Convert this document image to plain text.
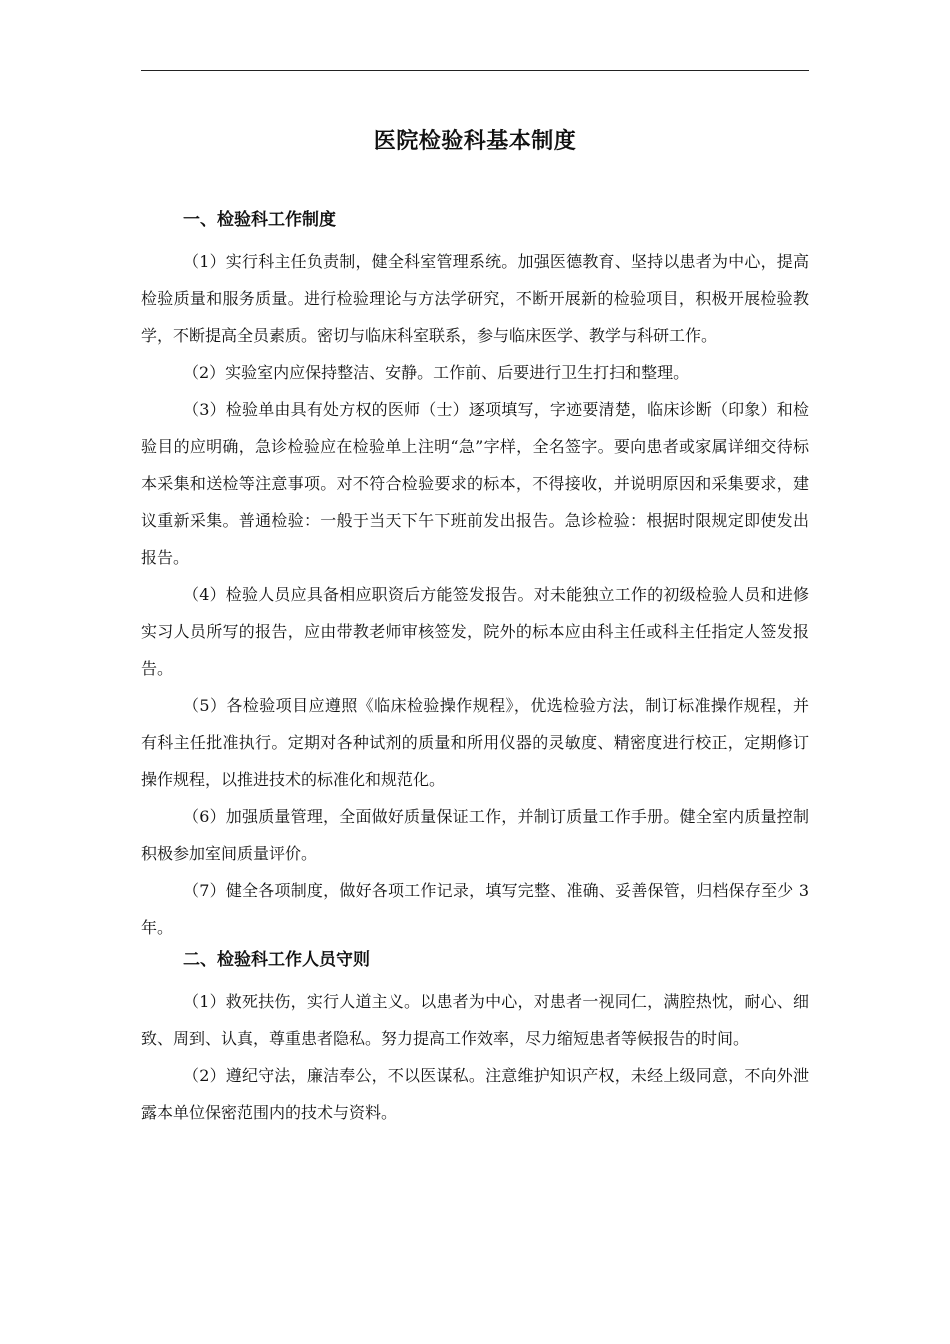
医院检验科基本制度
一、检验科工作制度

（1）实行科主任负责制，健全科室管理系统。加强医德教育、坚持以患者为中心，提高检验质量和服务质量。进行检验理论与方法学研究，不断开展新的检验项目，积极开展检验教学，不断提高全员素质。密切与临床科室联系，参与临床医学、教学与科研工作。

（2）实验室内应保持整洁、安静。工作前、后要进行卫生打扫和整理。

（3）检验单由具有处方权的医师（士）逐项填写，字迹要清楚，临床诊断（印象）和检验目的应明确，急诊检验应在检验单上注明“急”字样，全名签字。要向患者或家属详细交待标本采集和送检等注意事项。对不符合检验要求的标本，不得接收，并说明原因和采集要求，建议重新采集。普通检验：一般于当天下午下班前发出报告。急诊检验：根据时限规定即使发出报告。

（4）检验人员应具备相应职资后方能签发报告。对未能独立工作的初级检验人员和进修实习人员所写的报告，应由带教老师审核签发，院外的标本应由科主任或科主任指定人签发报告。

（5）各检验项目应遵照《临床检验操作规程》，优选检验方法，制订标准操作规程，并有科主任批准执行。定期对各种试剂的质量和所用仪器的灵敏度、精密度进行校正，定期修订操作规程，以推进技术的标准化和规范化。

（6）加强质量管理，全面做好质量保证工作，并制订质量工作手册。健全室内质量控制积极参加室间质量评价。

（7）健全各项制度，做好各项工作记录，填写完整、准确、妥善保管，归档保存至少 3 年。

二、检验科工作人员守则

（1）救死扶伤，实行人道主义。以患者为中心，对患者一视同仁，满腔热忱，耐心、细致、周到、认真，尊重患者隐私。努力提高工作效率，尽力缩短患者等候报告的时间。

（2）遵纪守法，廉洁奉公，不以医谋私。注意维护知识产权，未经上级同意，不向外泄露本单位保密范围内的技术与资料。
